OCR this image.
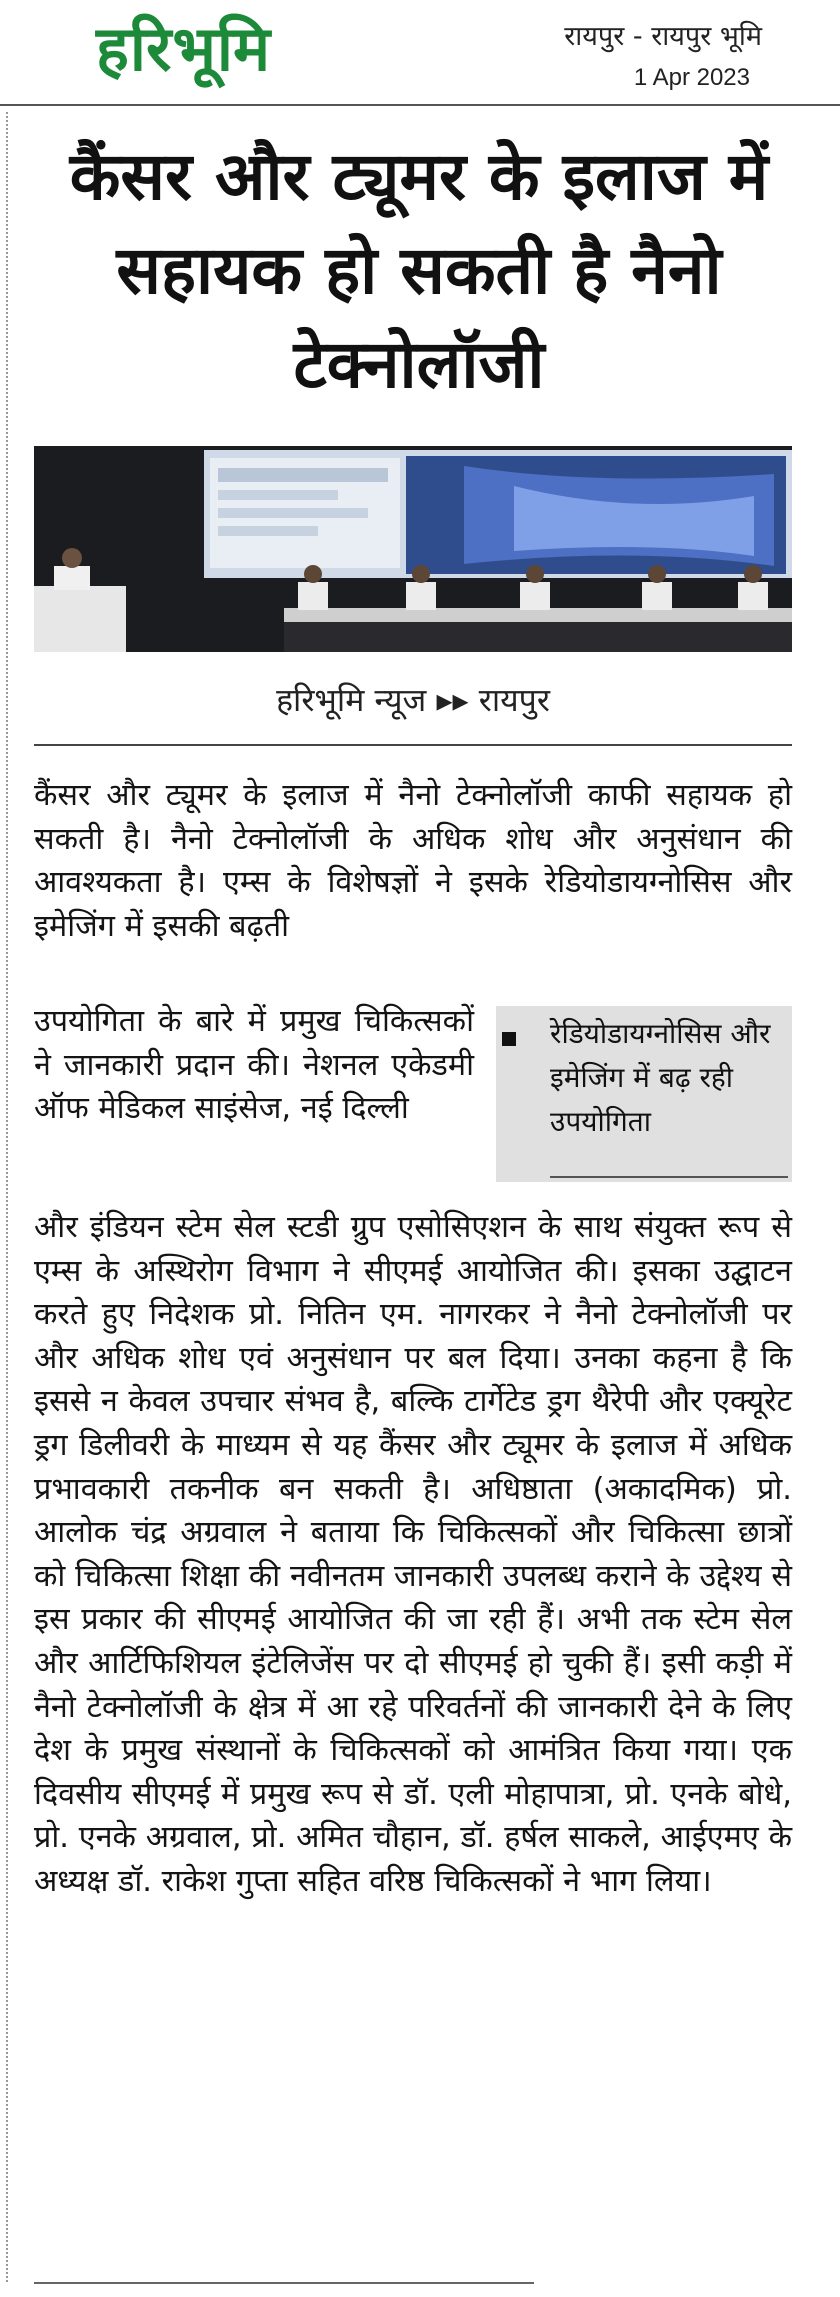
हरिभूमि	रायपुर - रायपुर भूमि
1 Apr 2023
कैंसर और ट्यूमर के इलाज में सहायक हो सकती है नैनो टेक्नोलॉजी
हरिभूमि न्यूज ▸▸ रायपुर

कैंसर और ट्यूमर के इलाज में नैनो टेक्नोलॉजी काफी सहायक हो सकती है। नैनो टेक्नोलॉजी के अधिक शोध और अनुसंधान की आवश्यकता है। एम्स के विशेषज्ञों ने इसके रेडियोडायग्नोसिस और इमेजिंग में इसकी बढ़ती

उपयोगिता के बारे में प्रमुख चिकित्सकों ने जानकारी प्रदान की। नेशनल एकेडमी ऑफ मेडिकल साइंसेज, नई दिल्ली

रेडियोडायग्नोसिस और इमेजिंग में बढ़ रही उपयोगिता

और इंडियन स्टेम सेल स्टडी ग्रुप एसोसिएशन के साथ संयुक्त रूप से एम्स के अस्थिरोग विभाग ने सीएमई आयोजित की। इसका उद्घाटन करते हुए निदेशक प्रो. नितिन एम. नागरकर ने नैनो टेक्नोलॉजी पर और अधिक शोध एवं अनुसंधान पर बल दिया। उनका कहना है कि इससे न केवल उपचार संभव है, बल्कि टार्गेटेड ड्रग थैरेपी और एक्यूरेट ड्रग डिलीवरी के माध्यम से यह कैंसर और ट्यूमर के इलाज में अधिक प्रभावकारी तकनीक बन सकती है। अधिष्ठाता (अकादमिक) प्रो. आलोक चंद्र अग्रवाल ने बताया कि चिकित्सकों और चिकित्सा छात्रों को चिकित्सा शिक्षा की नवीनतम जानकारी उपलब्ध कराने के उद्देश्य से इस प्रकार की सीएमई आयोजित की जा रही हैं। अभी तक स्टेम सेल और आर्टिफिशियल इंटेलिजेंस पर दो सीएमई हो चुकी हैं। इसी कड़ी में नैनो टेक्नोलॉजी के क्षेत्र में आ रहे परिवर्तनों की जानकारी देने के लिए देश के प्रमुख संस्थानों के चिकित्सकों को आमंत्रित किया गया। एक दिवसीय सीएमई में प्रमुख रूप से डॉ. एली मोहापात्रा, प्रो. एनके बोधे, प्रो. एनके अग्रवाल, प्रो. अमित चौहान, डॉ. हर्षल साकले, आईएमए के अध्यक्ष डॉ. राकेश गुप्ता सहित वरिष्ठ चिकित्सकों ने भाग लिया।
